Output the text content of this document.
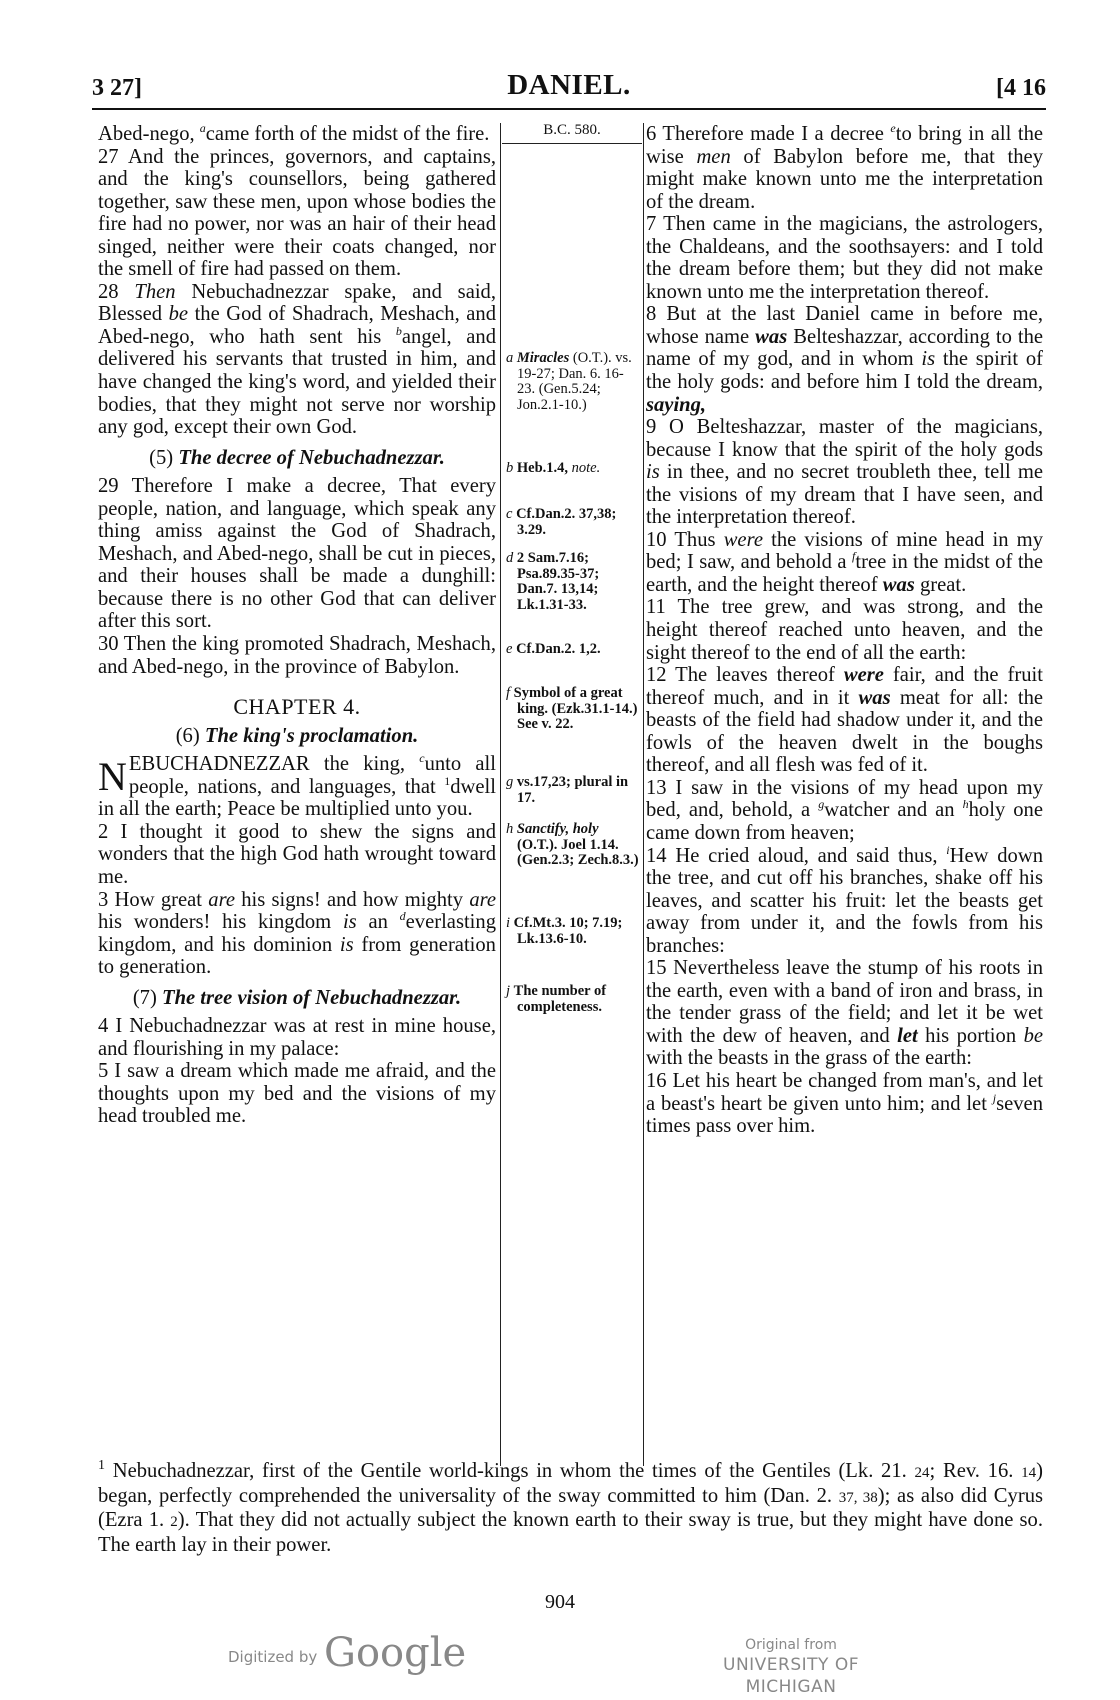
DANIEL.
3 27]	[4 16

Abed-nego, $^a$came forth of the midst of the fire.

27 And the princes, governors, and captains, and the king's counsellors, being gathered together, saw these men, upon whose bodies the fire had no power, nor was an hair of their head singed, neither were their coats changed, nor the smell of fire had passed on them.

28 Then Nebuchadnezzar spake, and said, Blessed be the God of Shadrach, Meshach, and Abed-nego, who hath sent his $^b$angel, and delivered his servants that trusted in him, and have changed the king's word, and yielded their bodies, that they might not serve nor worship any god, except their own God.

(5) The decree of Nebuchadnezzar.

29 Therefore I make a decree, That every people, nation, and language, which speak any thing amiss against the God of Shadrach, Meshach, and Abed-nego, shall be cut in pieces, and their houses shall be made a dunghill: because there is no other God that can deliver after this sort.

30 Then the king promoted Shadrach, Meshach, and Abed-nego, in the province of Babylon.

CHAPTER 4.

(6) The king's proclamation.

NEBUCHADNEZZAR the king, $^c$unto all people, nations, and languages, that $^1$dwell in all the earth; Peace be multiplied unto you.

2 I thought it good to shew the signs and wonders that the high God hath wrought toward me.

3 How great are his signs! and how mighty are his wonders! his kingdom is an $^d$everlasting kingdom, and his dominion is from generation to generation.

(7) The tree vision of Nebuchadnezzar.

4 I Nebuchadnezzar was at rest in mine house, and flourishing in my palace:

5 I saw a dream which made me afraid, and the thoughts upon my bed and the visions of my head troubled me.

B.C. 580.
a Miracles (O.T.). vs. 19-27; Dan. 6. 16-23. (Gen.5.24; Jon.2.1-10.)
b Heb.1.4, note.
c Cf.Dan.2. 37,38; 3.29.
d 2 Sam.7.16; Psa.89.35-37; Dan.7. 13,14; Lk.1.31-33.
e Cf.Dan.2. 1,2.
f Symbol of a great king. (Ezk.31.1-14.) See v. 22.
g vs.17,23; plural in 17.
h Sanctify, holy (O.T.). Joel 1.14. (Gen.2.3; Zech.8.3.)
i Cf.Mt.3. 10; 7.19; Lk.13.6-10.
j The number of completeness.

6 Therefore made I a decree $^e$to bring in all the wise men of Babylon before me, that they might make known unto me the interpretation of the dream.

7 Then came in the magicians, the astrologers, the Chaldeans, and the soothsayers: and I told the dream before them; but they did not make known unto me the interpretation thereof.

8 But at the last Daniel came in before me, whose name was Belteshazzar, according to the name of my god, and in whom is the spirit of the holy gods: and before him I told the dream, saying,

9 O Belteshazzar, master of the magicians, because I know that the spirit of the holy gods is in thee, and no secret troubleth thee, tell me the visions of my dream that I have seen, and the interpretation thereof.

10 Thus were the visions of mine head in my bed; I saw, and behold a $^f$tree in the midst of the earth, and the height thereof was great.

11 The tree grew, and was strong, and the height thereof reached unto heaven, and the sight thereof to the end of all the earth:

12 The leaves thereof were fair, and the fruit thereof much, and in it was meat for all: the beasts of the field had shadow under it, and the fowls of the heaven dwelt in the boughs thereof, and all flesh was fed of it.

13 I saw in the visions of my head upon my bed, and, behold, a $^g$watcher and an $^h$holy one came down from heaven;

14 He cried aloud, and said thus, $^i$Hew down the tree, and cut off his branches, shake off his leaves, and scatter his fruit: let the beasts get away from under it, and the fowls from his branches:

15 Nevertheless leave the stump of his roots in the earth, even with a band of iron and brass, in the tender grass of the field; and let it be wet with the dew of heaven, and let his portion be with the beasts in the grass of the earth:

16 Let his heart be changed from man's, and let a beast's heart be given unto him; and let $^j$seven times pass over him.

$^1$ Nebuchadnezzar, first of the Gentile world-kings in whom the times of the Gentiles (Lk. 21. 24; Rev. 16. 14) began, perfectly comprehended the universality of the sway committed to him (Dan. 2. 37, 38); as also did Cyrus (Ezra 1. 2). That they did not actually subject the known earth to their sway is true, but they might have done so. The earth lay in their power.
904
Digitized by Google	Original from
UNIVERSITY OF MICHIGAN
